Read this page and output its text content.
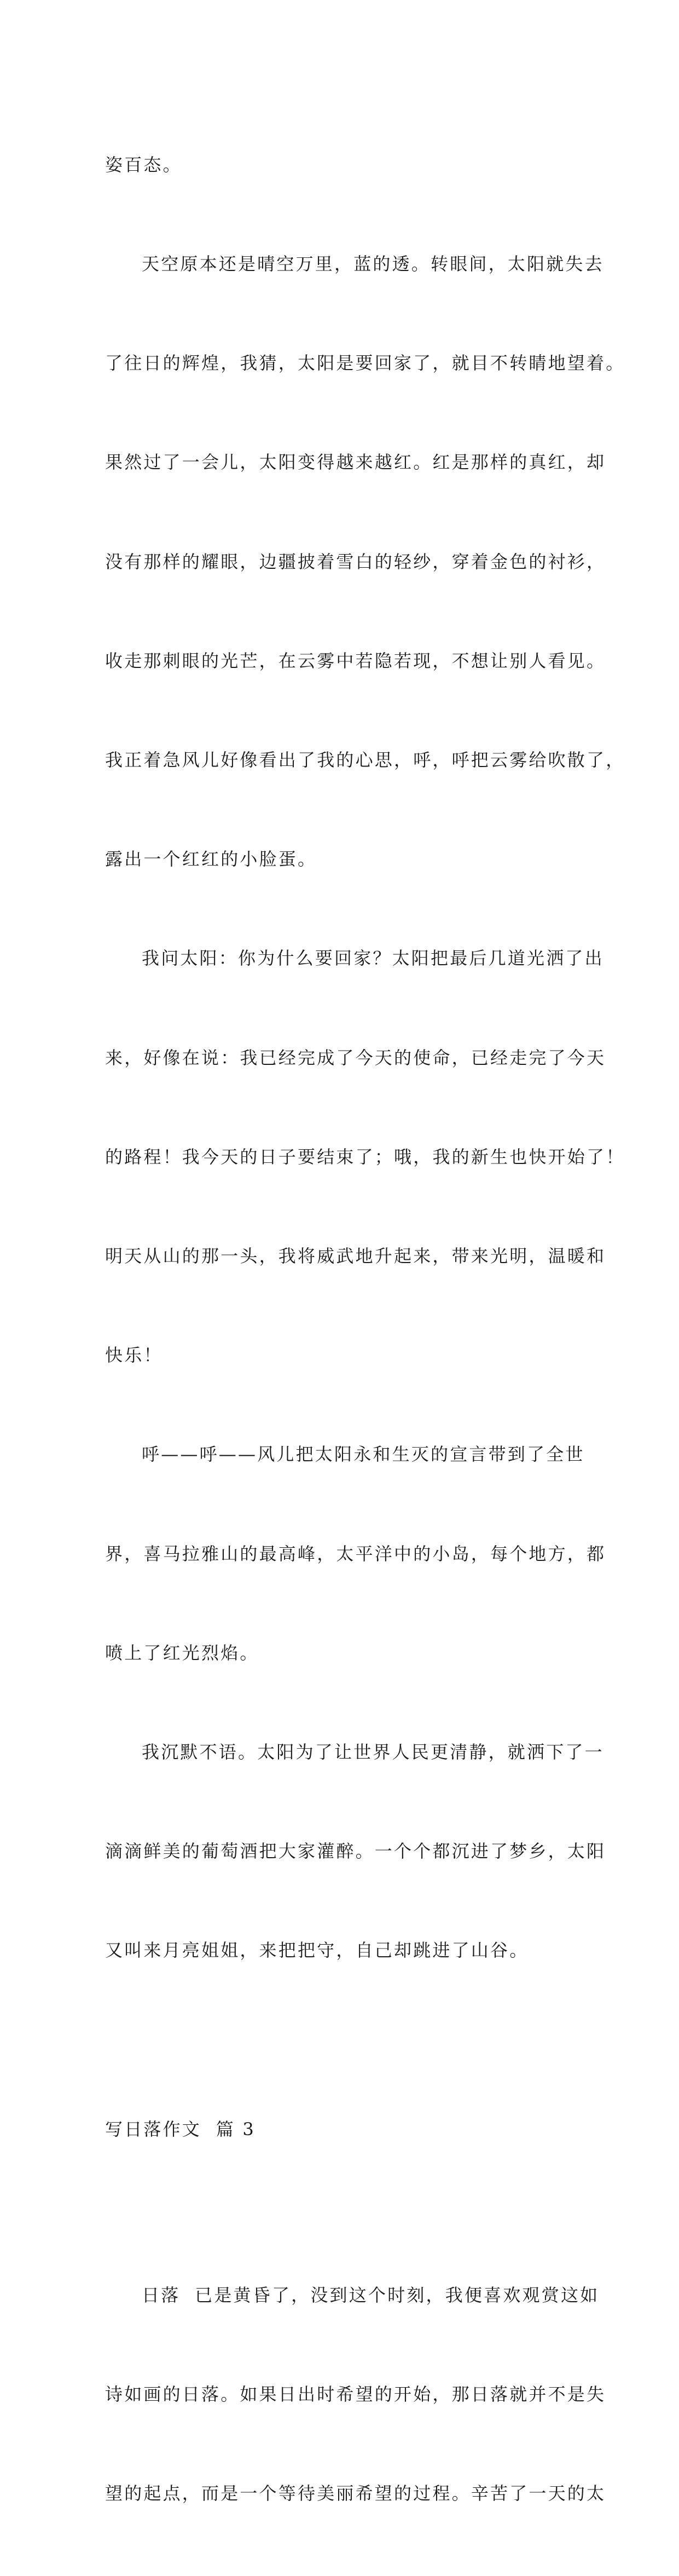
姿百态。

天空原本还是晴空万里，蓝的透。转眼间，太阳就失去

了往日的辉煌，我猜，太阳是要回家了，就目不转睛地望着。

果然过了一会儿，太阳变得越来越红。红是那样的真红，却

没有那样的耀眼，边疆披着雪白的轻纱，穿着金色的衬衫，

收走那刺眼的光芒，在云雾中若隐若现，不想让别人看见。

我正着急风儿好像看出了我的心思，呼，呼把云雾给吹散了，

露出一个红红的小脸蛋。

我问太阳：你为什么要回家？太阳把最后几道光洒了出

来，好像在说：我已经完成了今天的使命，已经走完了今天

的路程！我今天的日子要结束了；哦，我的新生也快开始了！

明天从山的那一头，我将威武地升起来，带来光明，温暖和

快乐！

呼——呼——风儿把太阳永和生灭的宣言带到了全世

界，喜马拉雅山的最高峰，太平洋中的小岛，每个地方，都

喷上了红光烈焰。

我沉默不语。太阳为了让世界人民更清静，就洒下了一

滴滴鲜美的葡萄酒把大家灌醉。一个个都沉进了梦乡，太阳

又叫来月亮姐姐，来把把守，自己却跳进了山谷。

写日落作文  篇 3

日落  已是黄昏了，没到这个时刻，我便喜欢观赏这如

诗如画的日落。如果日出时希望的开始，那日落就并不是失

望的起点，而是一个等待美丽希望的过程。辛苦了一天的太
